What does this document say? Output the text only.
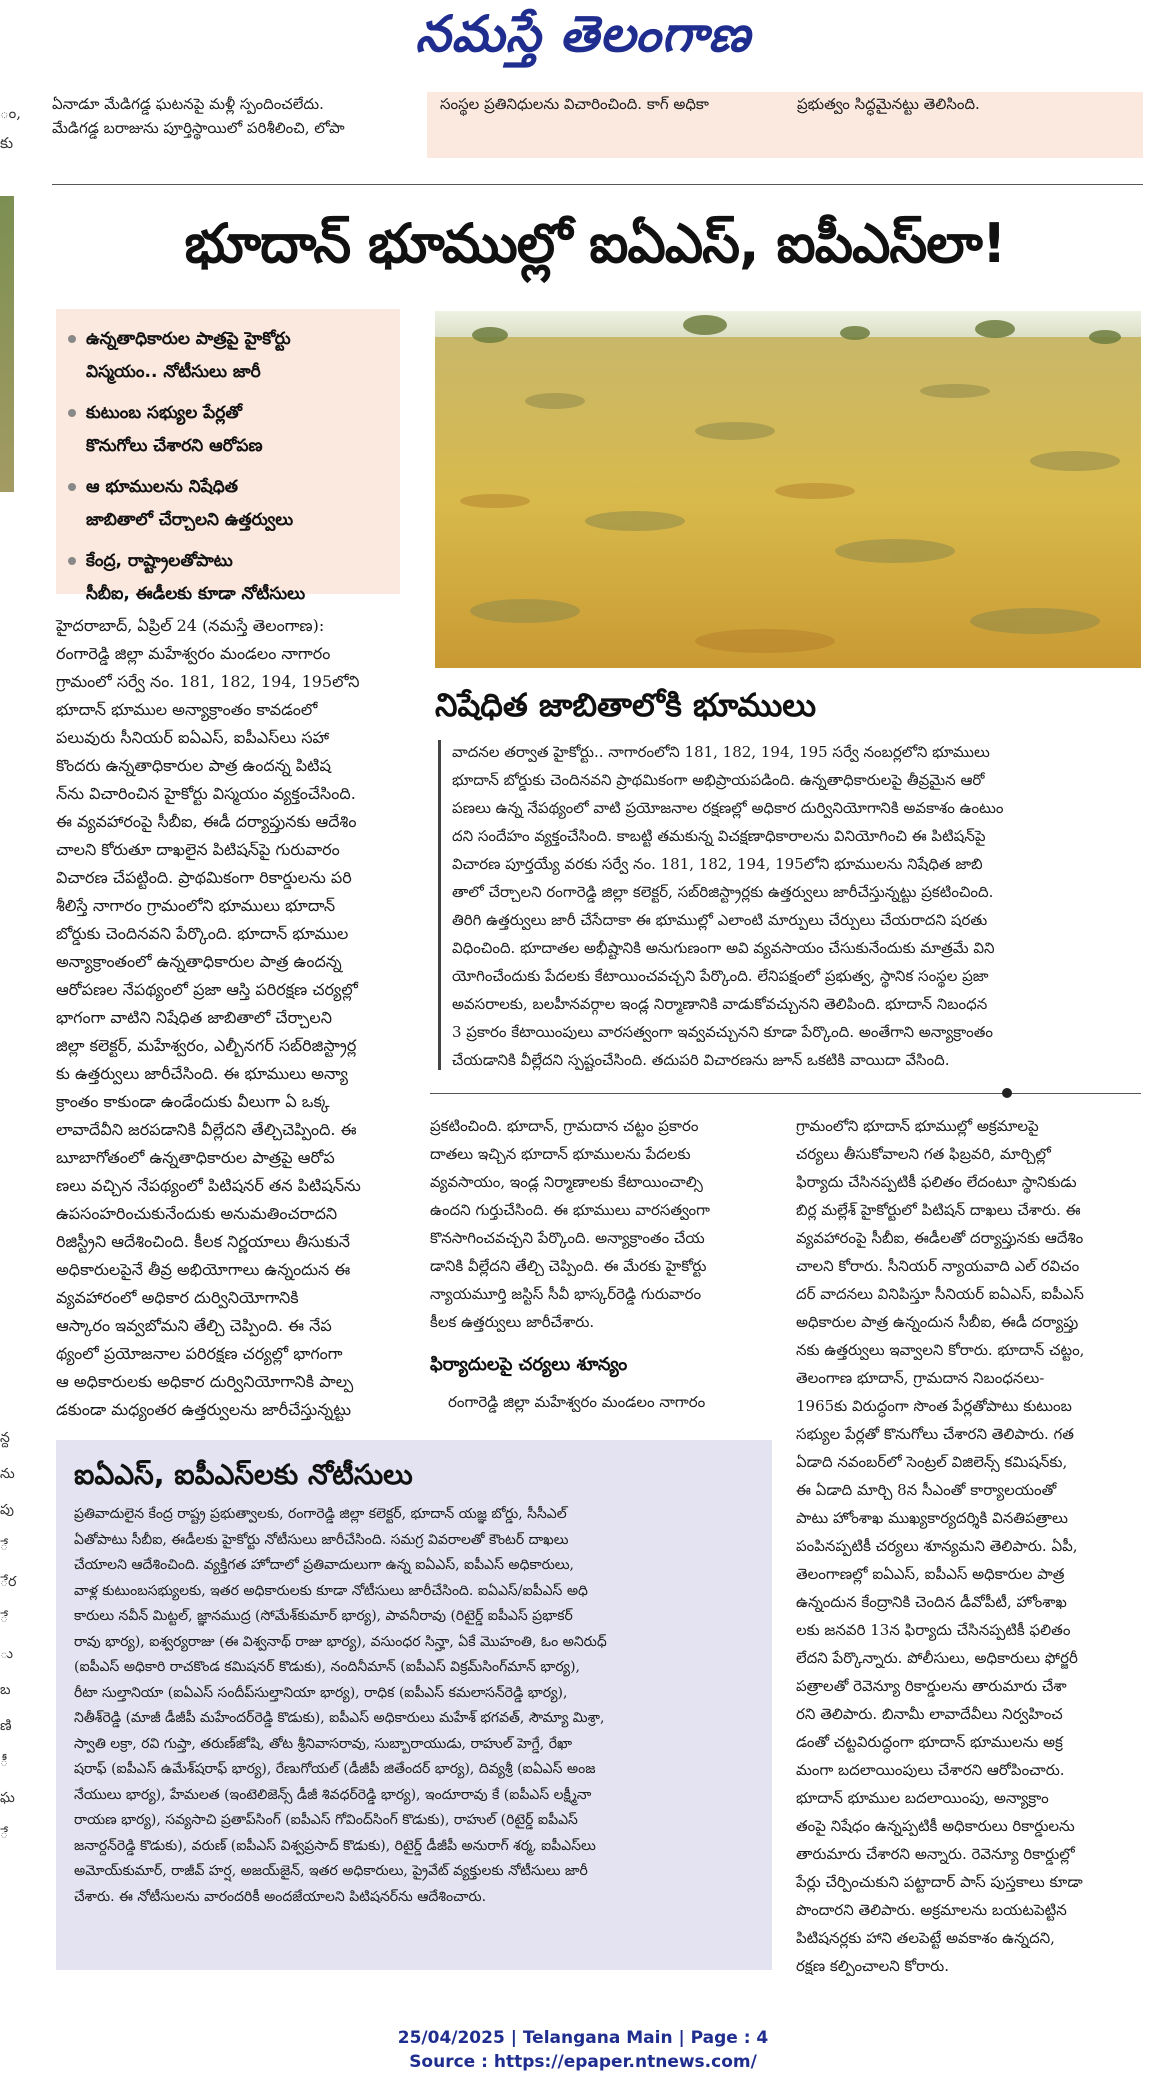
నమస్తే తెలంగాణ
ం,
కు
ఏనాడూ మేడిగడ్డ ఘటనపై మళ్లీ స్పందించలేదు.
మేడిగడ్డ బరాజును పూర్తిస్థాయిలో పరిశీలించి, లోపా
సంస్థల ప్రతినిధులను విచారించింది. కాగ్ అధికా	ప్రభుత్వం సిద్ధమైనట్టు తెలిసింది.
భూదాన్ భూముల్లో ఐఏఎస్, ఐపీఎస్‌లా!
ఉన్నతాధికారుల పాత్రపై హైకోర్టు
విస్మయం.. నోటీసులు జారీ
కుటుంబ సభ్యుల పేర్లతో
కొనుగోలు చేశారని ఆరోపణ
ఆ భూములను నిషేధిత
జాబితాలో చేర్చాలని ఉత్తర్వులు
కేంద్ర, రాష్ట్రాలతోపాటు
సీబీఐ, ఈడీలకు కూడా నోటీసులు

హైదరాబాద్, ఏప్రిల్ 24 (నమస్తే తెలంగాణ):
రంగారెడ్డి జిల్లా మహేశ్వరం మండలం నాగారం
గ్రామంలో సర్వే నం. 181, 182, 194, 195లోని
భూదాన్ భూముల అన్యాక్రాంతం కావడంలో
పలువురు సీనియర్ ఐఏఎస్, ఐపీఎస్‌లు సహా
కొందరు ఉన్నతాధికారుల పాత్ర ఉందన్న పిటిష
న్‌ను విచారించిన హైకోర్టు విస్మయం వ్యక్తంచేసింది.
ఈ వ్యవహారంపై సీబీఐ, ఈడీ దర్యాప్తునకు ఆదేశిం
చాలని కోరుతూ దాఖలైన పిటిషన్‌పై గురువారం
విచారణ చేపట్టింది. ప్రాథమికంగా రికార్డులను పరి
శీలిస్తే నాగారం గ్రామంలోని భూములు భూదాన్
బోర్డుకు చెందినవని పేర్కొంది. భూదాన్ భూముల
అన్యాక్రాంతంలో ఉన్నతాధికారుల పాత్ర ఉందన్న
ఆరోపణల నేపథ్యంలో ప్రజా ఆస్తి పరిరక్షణ చర్యల్లో
భాగంగా వాటిని నిషేధిత జాబితాలో చేర్చాలని
జిల్లా కలెక్టర్, మహేశ్వరం, ఎల్బీనగర్ సబ్‌రిజిస్ట్రార్ల
కు ఉత్తర్వులు జారీచేసింది. ఈ భూములు అన్యా
క్రాంతం కాకుండా ఉండేందుకు వీలుగా ఏ ఒక్క
లావాదేవీని జరపడానికి వీల్లేదని తేల్చిచెప్పింది. ఈ
బూబాగోతంలో ఉన్నతాధికారుల పాత్రపై ఆరోప
ణలు వచ్చిన నేపథ్యంలో పిటిషనర్ తన పిటిషన్‌ను
ఉపసంహరించుకునేందుకు అనుమతించరాదని
రిజిస్ట్రీని ఆదేశించింది. కీలక నిర్ణయాలు తీసుకునే
అధికారులపైనే తీవ్ర అభియోగాలు ఉన్నందున ఈ
వ్యవహారంలో అధికార దుర్వినియోగానికి
ఆస్కారం ఇవ్వబోమని తేల్చి చెప్పింది. ఈ నేప
థ్యంలో ప్రయోజనాల పరిరక్షణ చర్యల్లో భాగంగా
ఆ అధికారులకు అధికార దుర్వినియోగానికి పాల్ప
డకుండా మధ్యంతర ఉత్తర్వులను జారీచేస్తున్నట్టు

నిషేధిత జాబితాలోకి భూములు

వాదనల తర్వాత హైకోర్టు.. నాగారంలోని 181, 182, 194, 195 సర్వే నంబర్లలోని భూములు
భూదాన్ బోర్డుకు చెందినవని ప్రాథమికంగా అభిప్రాయపడింది. ఉన్నతాధికారులపై తీవ్రమైన ఆరో
పణలు ఉన్న నేపథ్యంలో వాటి ప్రయోజనాల రక్షణల్లో అధికార దుర్వినియోగానికి అవకాశం ఉంటుం
దని సందేహం వ్యక్తంచేసింది. కాబట్టి తమకున్న విచక్షణాధికారాలను వినియోగించి ఈ పిటిషన్‌పై
విచారణ పూర్తయ్యే వరకు సర్వే నం. 181, 182, 194, 195లోని భూములను నిషేధిత జాబి
తాలో చేర్చాలని రంగారెడ్డి జిల్లా కలెక్టర్, సబ్‌రిజిస్ట్రార్లకు ఉత్తర్వులు జారీచేస్తున్నట్టు ప్రకటించింది.
తిరిగి ఉత్తర్వులు జారీ చేసేదాకా ఈ భూముల్లో ఎలాంటి మార్పులు చేర్పులు చేయరాదని షరతు
విధించింది. భూదాతల అభీష్టానికి అనుగుణంగా అవి వ్యవసాయం చేసుకునేందుకు మాత్రమే విని
యోగించేందుకు పేదలకు కేటాయించవచ్చని పేర్కొంది. లేనిపక్షంలో ప్రభుత్వ, స్థానిక సంస్థల ప్రజా
అవసరాలకు, బలహీనవర్గాల ఇండ్ల నిర్మాణానికి వాడుకోవచ్చునని తెలిపింది. భూదాన్ నిబంధన
3 ప్రకారం కేటాయింపులు వారసత్వంగా ఇవ్వవచ్చునని కూడా పేర్కొంది. అంతేగాని అన్యాక్రాంతం
చేయడానికి వీల్లేదని స్పష్టంచేసింది. తదుపరి విచారణను జూన్ ఒకటికి వాయిదా వేసింది.

ప్రకటించింది. భూదాన్, గ్రామదాన చట్టం ప్రకారం
దాతలు ఇచ్చిన భూదాన్ భూములను పేదలకు
వ్యవసాయం, ఇండ్ల నిర్మాణాలకు కేటాయించాల్సి
ఉందని గుర్తుచేసింది. ఈ భూములు వారసత్వంగా
కొనసాగించవచ్చని పేర్కొంది. అన్యాక్రాంతం చేయ
డానికి వీల్లేదని తేల్చి చెప్పింది. ఈ మేరకు హైకోర్టు
న్యాయమూర్తి జస్టిస్ సీవీ భాస్కర్‌రెడ్డి గురువారం
కీలక ఉత్తర్వులు జారీచేశారు.

ఫిర్యాదులపై చర్యలు శూన్యం

రంగారెడ్డి జిల్లా మహేశ్వరం మండలం నాగారం

గ్రామంలోని భూదాన్ భూముల్లో అక్రమాలపై
చర్యలు తీసుకోవాలని గత ఫిబ్రవరి, మార్చిల్లో
ఫిర్యాదు చేసినప్పటికీ ఫలితం లేదంటూ స్థానికుడు
బిర్ల మల్లేశ్ హైకోర్టులో పిటిషన్ దాఖలు చేశారు. ఈ
వ్యవహారంపై సీబీఐ, ఈడీలతో దర్యాప్తునకు ఆదేశిం
చాలని కోరారు. సీనియర్ న్యాయవాది ఎల్ రవిచం
దర్ వాదనలు వినిపిస్తూ సీనియర్ ఐఏఎస్, ఐపీఎస్
అధికారుల పాత్ర ఉన్నందున సీబీఐ, ఈడీ దర్యాప్తు
నకు ఉత్తర్వులు ఇవ్వాలని కోరారు. భూదాన్ చట్టం,
తెలంగాణ భూదాన్, గ్రామదాన నిబంధనలు-
1965కు విరుద్ధంగా సొంత పేర్లతోపాటు కుటుంబ
సభ్యుల పేర్లతో కొనుగోలు చేశారని తెలిపారు. గత
ఏడాది నవంబర్‌లో సెంట్రల్ విజిలెన్స్ కమిషన్‌కు,
ఈ ఏడాది మార్చి 8న సీఎంతో కార్యాలయంతో
పాటు హోంశాఖ ముఖ్యకార్యదర్శికి వినతిపత్రాలు
పంపినప్పటికీ చర్యలు శూన్యమని తెలిపారు. ఏపీ,
తెలంగాణల్లో ఐఏఎస్, ఐపీఎస్ అధికారుల పాత్ర
ఉన్నందున కేంద్రానికి చెందిన డీవోపీటీ, హోంశాఖ
లకు జనవరి 13న ఫిర్యాదు చేసినప్పటికీ ఫలితం
లేదని పేర్కొన్నారు. పోలీసులు, అధికారులు ఫోర్జరీ
పత్రాలతో రెవెన్యూ రికార్డులను తారుమారు చేశా
రని తెలిపారు. బినామీ లావాదేవీలు నిర్వహించ
డంతో చట్టవిరుద్ధంగా భూదాన్ భూములను అక్ర
మంగా బదలాయింపులు చేశారని ఆరోపించారు.
భూదాన్ భూముల బదలాయింపు, అన్యాక్రాం
తంపై నిషేధం ఉన్నప్పటికీ అధికారులు రికార్డులను
తారుమారు చేశారని అన్నారు. రెవెన్యూ రికార్డుల్లో
పేర్లు చేర్పించుకుని పట్టాదార్ పాస్ పుస్తకాలు కూడా
పొందారని తెలిపారు. అక్రమాలను బయటపెట్టిన
పిటిషనర్లకు హాని తలపెట్టే అవకాశం ఉన్నదని,
రక్షణ కల్పించాలని కోరారు.

ఐఏఎస్, ఐపీఎస్‌లకు నోటీసులు

ప్రతివాదులైన కేంద్ర రాష్ట్ర ప్రభుత్వాలకు, రంగారెడ్డి జిల్లా కలెక్టర్, భూదాన్ యజ్ఞ బోర్డు, సీసీఎల్
ఏతోపాటు సీబీఐ, ఈడీలకు హైకోర్టు నోటీసులు జారీచేసింది. సమగ్ర వివరాలతో కౌంటర్ దాఖలు
చేయాలని ఆదేశించింది. వ్యక్తిగత హోదాలో ప్రతివాదులుగా ఉన్న ఐఏఎస్, ఐపీఎస్ అధికారులు,
వాళ్ల కుటుంబసభ్యులకు, ఇతర అధికారులకు కూడా నోటీసులు జారీచేసింది. ఐఏఎస్/ఐపీఎస్ అధి
కారులు నవీన్ మిట్టల్, జ్ఞానముద్ర (సోమేశ్‌కుమార్ భార్య), పావనీరావు (రిటైర్డ్ ఐపీఎస్ ప్రభాకర్
రావు భార్య), ఐశ్వర్యరాజు (ఈ విశ్వనాథ్ ‌రాజు భార్య), వసుంధర సిన్హా, ఏకే మొహంతి, ఓం అనిరుధ్
(ఐపీఎస్ అధికారి రాచకొండ కమిషనర్ కొడుకు), నందినీమాన్ (ఐపీఎస్ విక్రమ్‌సింగ్‌మాన్ భార్య),
రీటా సుల్తానియా (ఐఏఎస్ సందీప్‌సుల్తానియా భార్య), రాధిక (ఐపీఎస్ కమలాసన్‌రెడ్డి భార్య),
నితీశ్‌రెడ్డి (మాజీ డీజీపీ మహేందర్‌రెడ్డి కొడుకు), ఐపీఎస్ అధికారులు మహేశ్ భగవత్, సౌమ్యా మిశ్రా,
స్వాతి లక్రా, రవి గుప్తా, తరుణ్‌జోషి, తోట శ్రీనివాసరావు, సుబ్బారాయుడు, రాహుల్ హెగ్డే, రేఖా
షరాఫ్ (ఐపీఎస్ ఉమేశ్‌షరాఫ్ భార్య), రేణుగోయల్ (డీజీపీ జితేందర్ భార్య), దివ్యశ్రీ (ఐఏఎస్ అంజ
నేయులు భార్య), హేమలత (ఇంటెలిజెన్స్ డీజీ శివధర్‌రెడ్డి భార్య), ఇందూరావు కే (ఐపీఎస్ లక్ష్మీనా
రాయణ భార్య), సవ్యసాచి ప్రతాప్‌సింగ్ (ఐపీఎస్ గోవింద్‌సింగ్ కొడుకు), రాహుల్ (రిటైర్డ్ ఐపీఎస్
జనార్దన్‌రెడ్డి కొడుకు), వరుణ్ (ఐపీఎస్ విశ్వప్రసాద్ కొడుకు), రిటైర్డ్ డీజీపీ అనురాగ్ శర్మ, ఐపీఎస్‌లు
అమోయ్‌కుమార్, రాజీవ్ హర్ష, అజయ్‌జైన్, ఇతర అధికారులు, ప్రైవేట్ వ్యక్తులకు నోటీసులు జారీ
చేశారు. ఈ నోటీసులను వారందరికీ అందజేయాలని పిటిషనర్‌ను ఆదేశించారు.

న్ద
ను
పు
ే
ేర
ే
ు
బ
ణి
ీ
ఘ
ే
25/04/2025 | Telangana Main | Page : 4
Source : https://epaper.ntnews.com/
